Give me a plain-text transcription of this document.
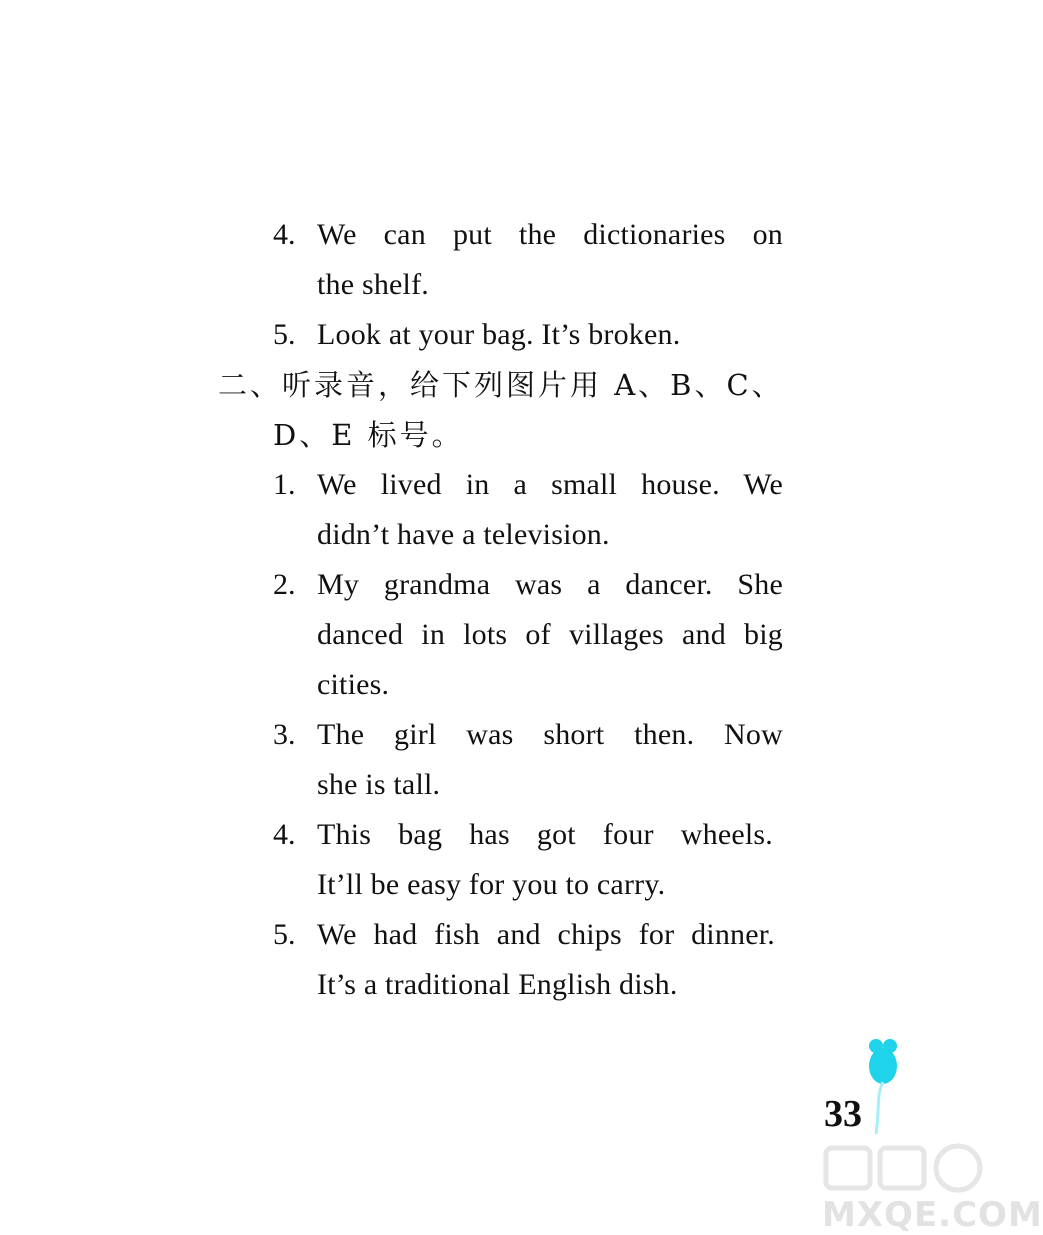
4. We can put the dictionaries on
the shelf.
5. Look at your bag. It’s broken.
二、听录音，给下列图片用 A、B、C、
D、E 标号。
1. We lived in a small house. We
didn’t have a television.
2. My grandma was a dancer. She
danced in lots of villages and big
cities.
3. The girl was short then. Now
she is tall.
4. This bag has got four wheels.
It’ll be easy for you to carry.
5. We had fish and chips for dinner.
It’s a traditional English dish.
33
MXQE.COM
